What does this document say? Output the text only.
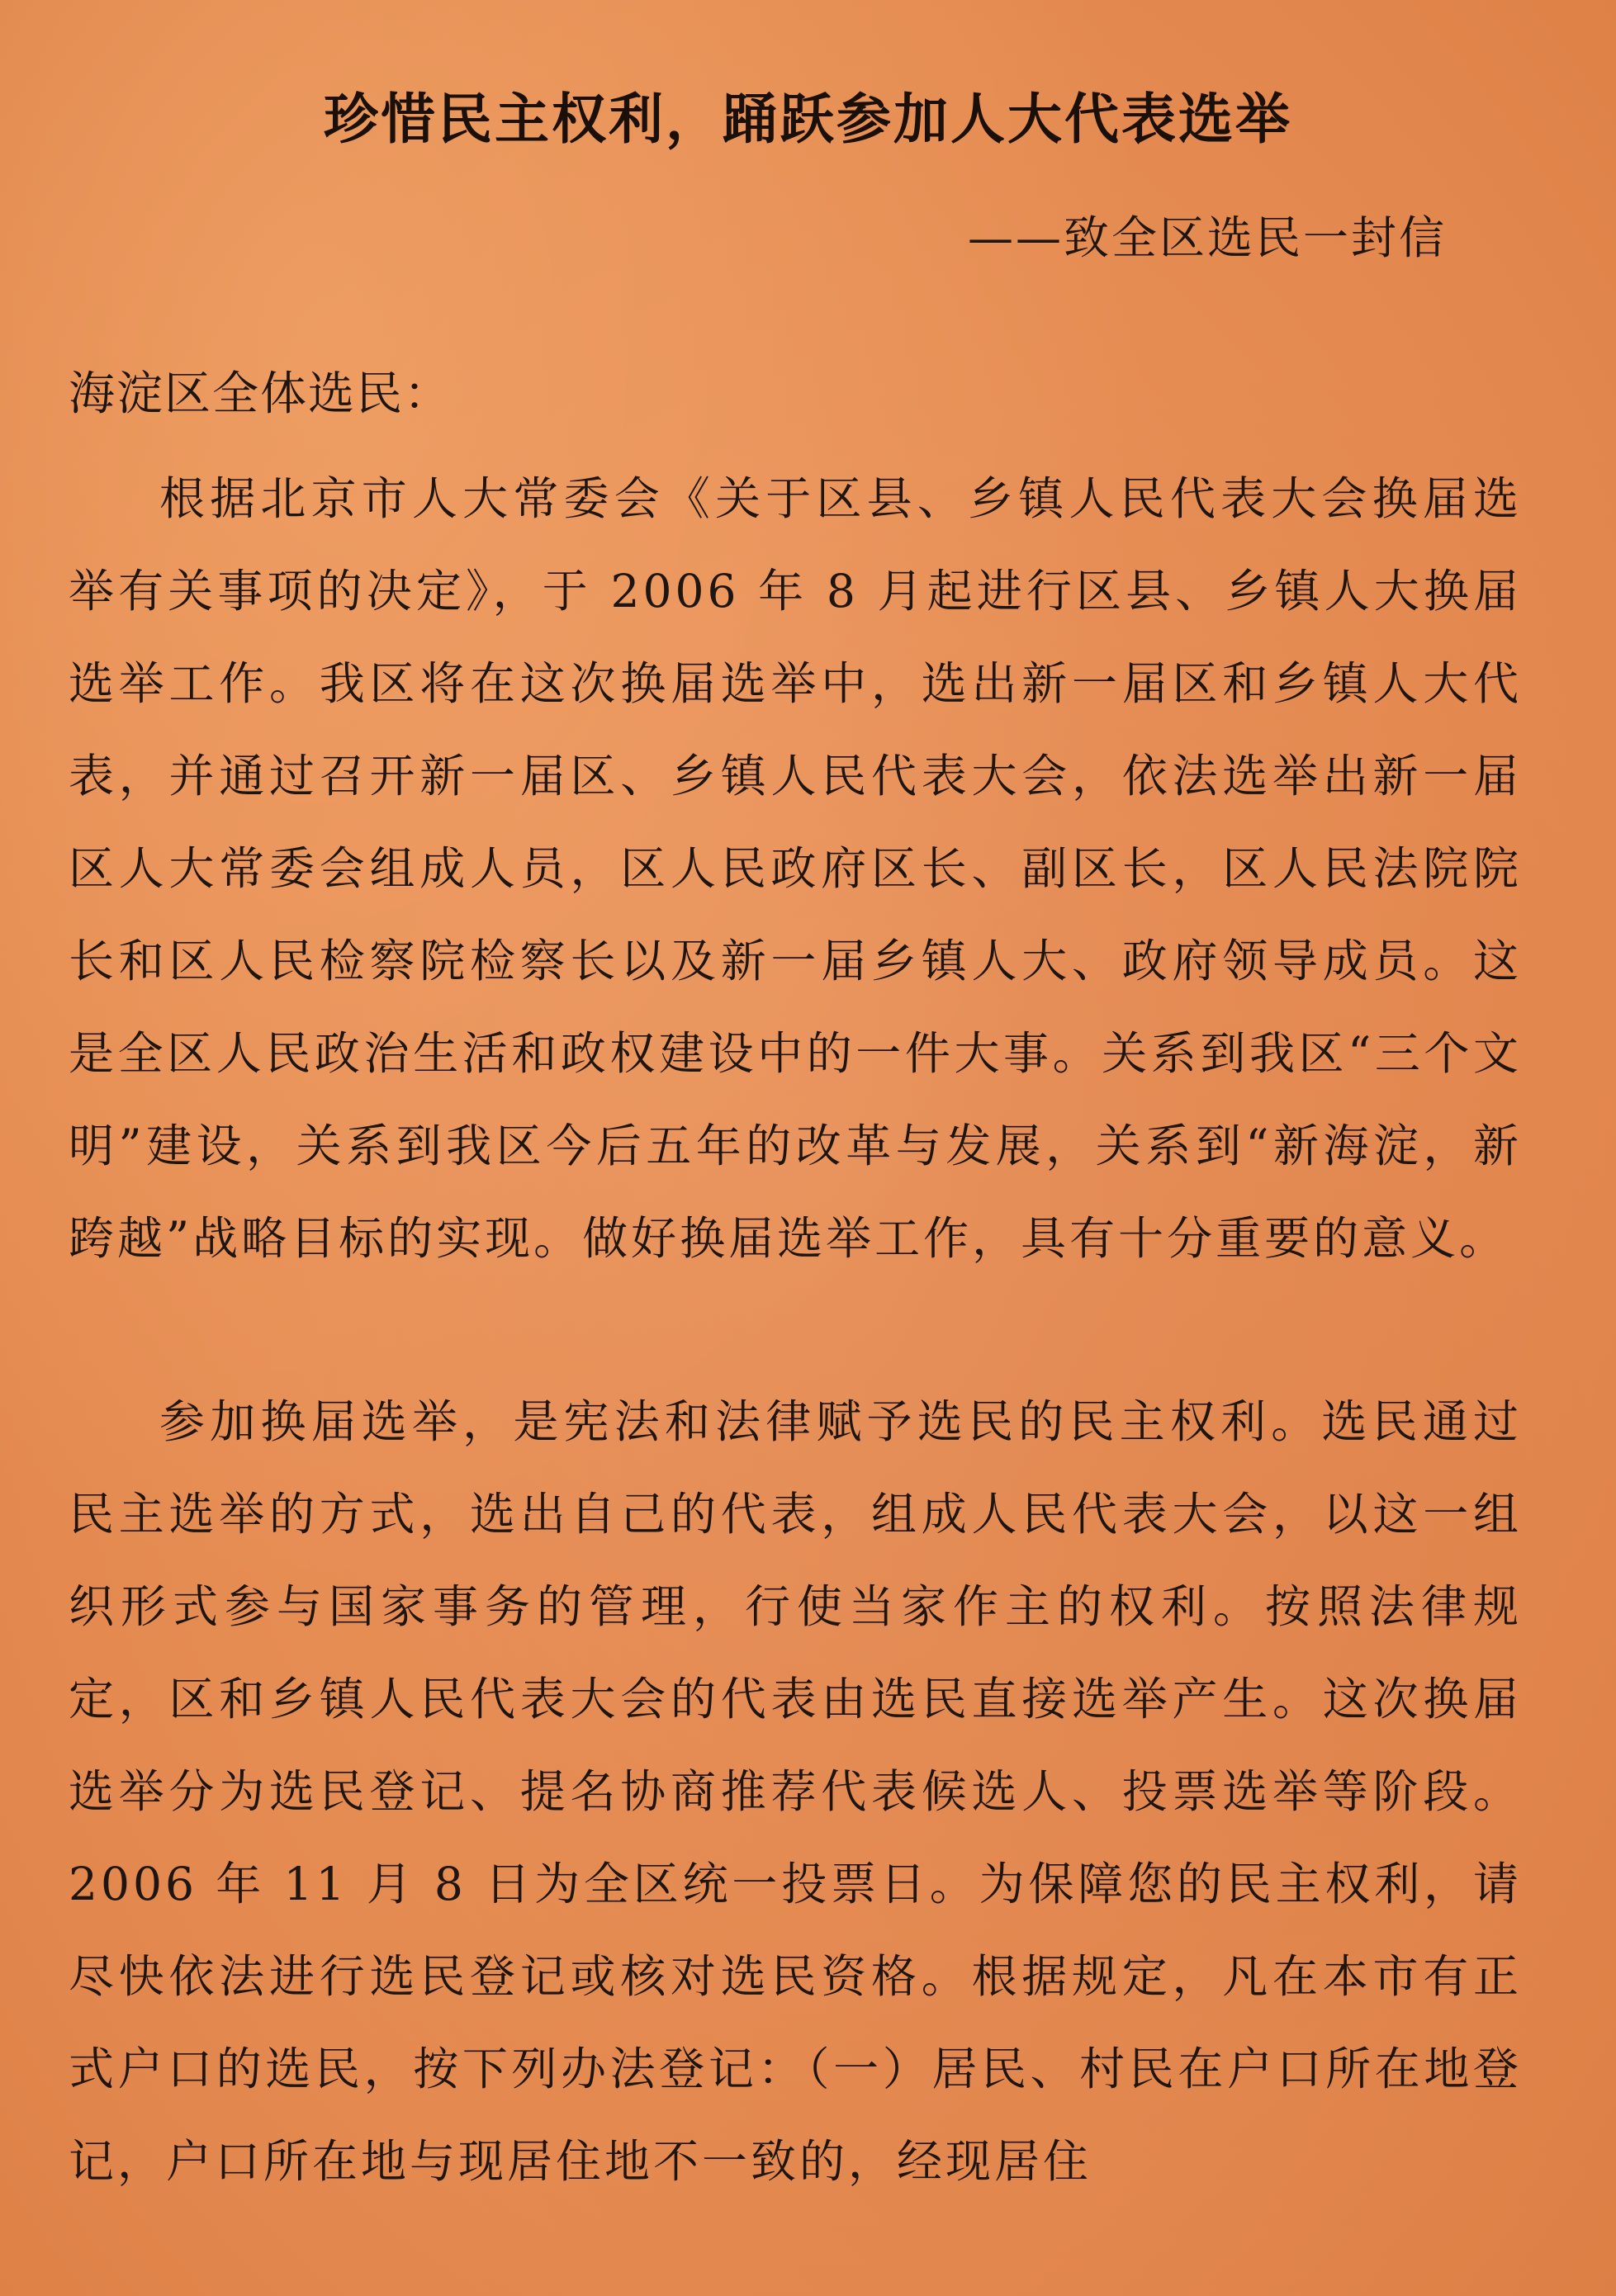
珍惜民主权利，踊跃参加人大代表选举
——致全区选民一封信
海淀区全体选民：

根据北京市人大常委会《关于区县、乡镇人民代表大会换届选举有关事项的决定》，于 2006 年 8 月起进行区县、乡镇人大换届选举工作。我区将在这次换届选举中，选出新一届区和乡镇人大代表，并通过召开新一届区、乡镇人民代表大会，依法选举出新一届区人大常委会组成人员，区人民政府区长、副区长，区人民法院院长和区人民检察院检察长以及新一届乡镇人大、政府领导成员。这是全区人民政治生活和政权建设中的一件大事。关系到我区“三个文明”建设，关系到我区今后五年的改革与发展，关系到“新海淀，新跨越”战略目标的实现。做好换届选举工作，具有十分重要的意义。

参加换届选举，是宪法和法律赋予选民的民主权利。选民通过民主选举的方式，选出自己的代表，组成人民代表大会，以这一组织形式参与国家事务的管理，行使当家作主的权利。按照法律规定，区和乡镇人民代表大会的代表由选民直接选举产生。这次换届选举分为选民登记、提名协商推荐代表候选人、投票选举等阶段。2006 年 11 月 8 日为全区统一投票日。为保障您的民主权利，请尽快依法进行选民登记或核对选民资格。根据规定，凡在本市有正式户口的选民，按下列办法登记：（一）居民、村民在户口所在地登记，户口所在地与现居住地不一致的，经现居住
